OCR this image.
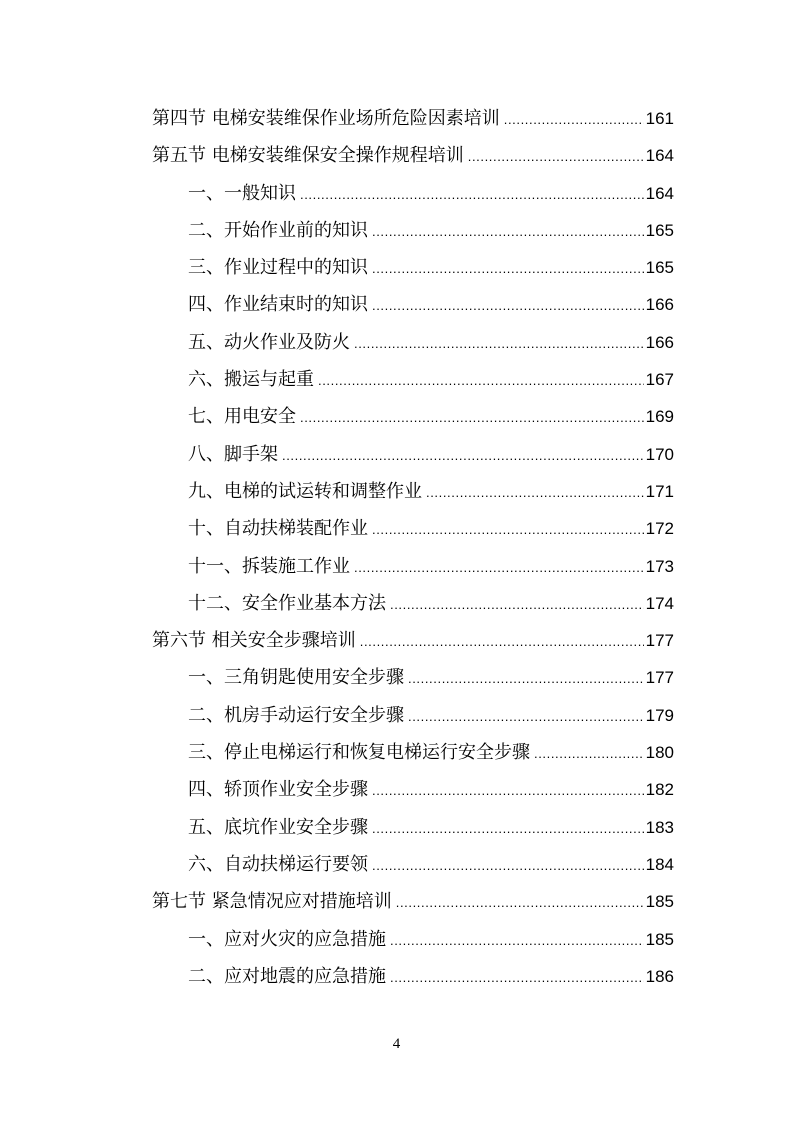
第四节 电梯安装维保作业场所危险因素培训 .....	161
第五节 电梯安装维保安全操作规程培训 .....	164
一、一般知识 .....	164
二、开始作业前的知识 .....	165
三、作业过程中的知识 .....	165
四、作业结束时的知识 .....	166
五、动火作业及防火 .....	166
六、搬运与起重 .....	167
七、用电安全 .....	169
八、脚手架 .....	170
九、电梯的试运转和调整作业 .....	171
十、自动扶梯装配作业 .....	172
十一、拆装施工作业 .....	173
十二、安全作业基本方法 .....	174
第六节 相关安全步骤培训 .....	177
一、三角钥匙使用安全步骤 .....	177
二、机房手动运行安全步骤 .....	179
三、停止电梯运行和恢复电梯运行安全步骤 .....	180
四、轿顶作业安全步骤 .....	182
五、底坑作业安全步骤 .....	183
六、自动扶梯运行要领 .....	184
第七节 紧急情况应对措施培训 .....	185
一、应对火灾的应急措施 .....	185
二、应对地震的应急措施 .....	186
4
